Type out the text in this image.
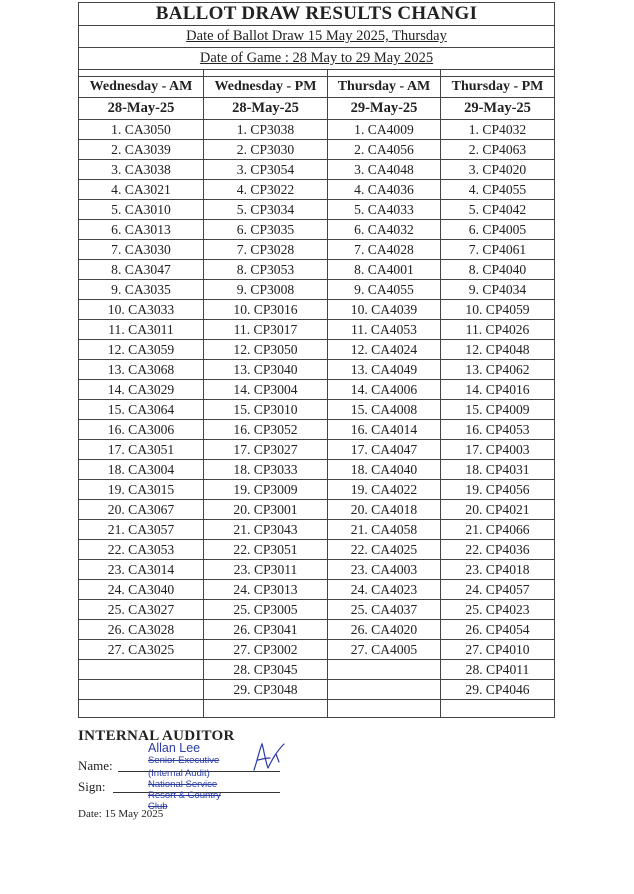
BALLOT DRAW RESULTS CHANGI			
Date of Ballot Draw 15 May 2025, Thursday			
Date of Game : 28 May to 29 May 2025			

Wednesday - AM	Wednesday - PM	Thursday - AM	Thursday - PM
28-May-25	28-May-25	29-May-25	29-May-25
1. CA3050	1. CP3038	1. CA4009	1. CP4032
2. CA3039	2. CP3030	2. CA4056	2. CP4063
3. CA3038	3. CP3054	3. CA4048	3. CP4020
4. CA3021	4. CP3022	4. CA4036	4. CP4055
5. CA3010	5. CP3034	5. CA4033	5. CP4042
6. CA3013	6. CP3035	6. CA4032	6. CP4005
7. CA3030	7. CP3028	7. CA4028	7. CP4061
8. CA3047	8. CP3053	8. CA4001	8. CP4040
9. CA3035	9. CP3008	9. CA4055	9. CP4034
10. CA3033	10. CP3016	10. CA4039	10. CP4059
11. CA3011	11. CP3017	11. CA4053	11. CP4026
12. CA3059	12. CP3050	12. CA4024	12. CP4048
13. CA3068	13. CP3040	13. CA4049	13. CP4062
14. CA3029	14. CP3004	14. CA4006	14. CP4016
15. CA3064	15. CP3010	15. CA4008	15. CP4009
16. CA3006	16. CP3052	16. CA4014	16. CP4053
17. CA3051	17. CP3027	17. CA4047	17. CP4003
18. CA3004	18. CP3033	18. CA4040	18. CP4031
19. CA3015	19. CP3009	19. CA4022	19. CP4056
20. CA3067	20. CP3001	20. CA4018	20. CP4021
21. CA3057	21. CP3043	21. CA4058	21. CP4066
22. CA3053	22. CP3051	22. CA4025	22. CP4036
23. CA3014	23. CP3011	23. CA4003	23. CP4018
24. CA3040	24. CP3013	24. CA4023	24. CP4057
25. CA3027	25. CP3005	25. CA4037	25. CP4023
26. CA3028	26. CP3041	26. CA4020	26. CP4054
27. CA3025	27. CP3002	27. CA4005	27. CP4010
	28. CP3045		28. CP4011
	29. CP3048		29. CP4046

INTERNAL AUDITOR
Name:
Sign:
Date: 15 May 2025
Allan Lee
Senior Executive
(Internal Audit)
National Service Resort & Country Club
